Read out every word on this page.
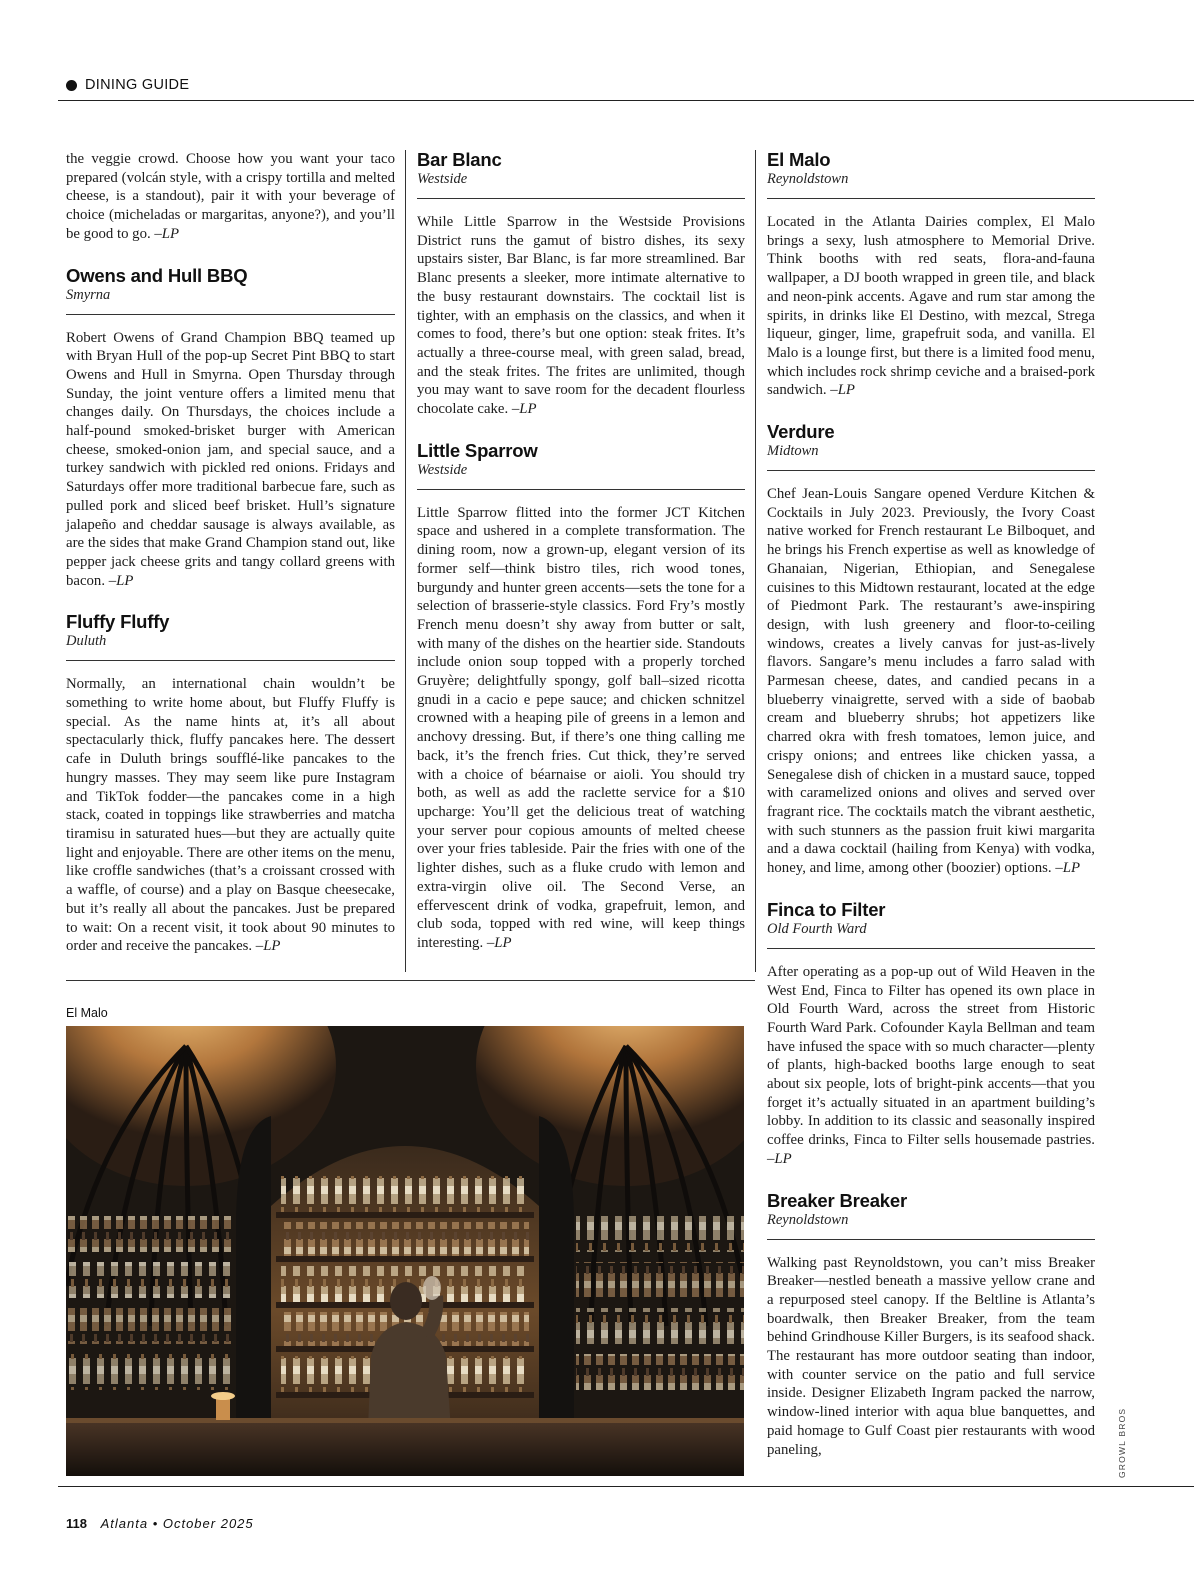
DINING GUIDE

the veggie crowd. Choose how you want your taco prepared (volcán style, with a crispy tortilla and melted cheese, is a standout), pair it with your beverage of choice (micheladas or margaritas, anyone?), and you’ll be good to go. –LP

Owens and Hull BBQ
Smyrna

Robert Owens of Grand Champion BBQ teamed up with Bryan Hull of the pop-up Secret Pint BBQ to start Owens and Hull in Smyrna. Open Thursday through Sunday, the joint venture offers a limited menu that changes daily. On Thursdays, the choices include a half-pound smoked-brisket burger with American cheese, smoked-onion jam, and special sauce, and a turkey sandwich with pickled red onions. Fridays and Saturdays offer more traditional barbecue fare, such as pulled pork and sliced beef brisket. Hull’s signature jalapeño and cheddar sausage is always available, as are the sides that make Grand Champion stand out, like pepper jack cheese grits and tangy collard greens with bacon. –LP

Fluffy Fluffy
Duluth

Normally, an international chain wouldn’t be something to write home about, but Fluffy Fluffy is special. As the name hints at, it’s all about spectacularly thick, fluffy pancakes here. The dessert cafe in Duluth brings soufflé-like pancakes to the hungry masses. They may seem like pure Instagram and TikTok fodder—the pancakes come in a high stack, coated in toppings like strawberries and matcha tiramisu in saturated hues—but they are actually quite light and enjoyable. There are other items on the menu, like croffle sandwiches (that’s a croissant crossed with a waffle, of course) and a play on Basque cheesecake, but it’s really all about the pancakes. Just be prepared to wait: On a recent visit, it took about 90 minutes to order and receive the pancakes. –LP

Bar Blanc
Westside

While Little Sparrow in the Westside Provisions District runs the gamut of bistro dishes, its sexy upstairs sister, Bar Blanc, is far more streamlined. Bar Blanc presents a sleeker, more intimate alternative to the busy restaurant downstairs. The cocktail list is tighter, with an emphasis on the classics, and when it comes to food, there’s but one option: steak frites. It’s actually a three-course meal, with green salad, bread, and the steak frites. The frites are unlimited, though you may want to save room for the decadent flourless chocolate cake. –LP

Little Sparrow
Westside

Little Sparrow flitted into the former JCT Kitchen space and ushered in a complete transformation. The dining room, now a grown-up, elegant version of its former self—think bistro tiles, rich wood tones, burgundy and hunter green accents—sets the tone for a selection of brasserie-style classics. Ford Fry’s mostly French menu doesn’t shy away from butter or salt, with many of the dishes on the heartier side. Standouts include onion soup topped with a properly torched Gruyère; delightfully spongy, golf ball–sized ricotta gnudi in a cacio e pepe sauce; and chicken schnitzel crowned with a heaping pile of greens in a lemon and anchovy dressing. But, if there’s one thing calling me back, it’s the french fries. Cut thick, they’re served with a choice of béarnaise or aioli. You should try both, as well as add the raclette service for a $10 upcharge: You’ll get the delicious treat of watching your server pour copious amounts of melted cheese over your fries tableside. Pair the fries with one of the lighter dishes, such as a fluke crudo with lemon and extra-virgin olive oil. The Second Verse, an effervescent drink of vodka, grapefruit, lemon, and club soda, topped with red wine, will keep things interesting. –LP

El Malo
Reynoldstown

Located in the Atlanta Dairies complex, El Malo brings a sexy, lush atmosphere to Memorial Drive. Think booths with red seats, flora-and-fauna wallpaper, a DJ booth wrapped in green tile, and black and neon-pink accents. Agave and rum star among the spirits, in drinks like El Destino, with mezcal, Strega liqueur, ginger, lime, grapefruit soda, and vanilla. El Malo is a lounge first, but there is a limited food menu, which includes rock shrimp ceviche and a braised-pork sandwich. –LP

Verdure
Midtown

Chef Jean-Louis Sangare opened Verdure Kitchen & Cocktails in July 2023. Previously, the Ivory Coast native worked for French restaurant Le Bilboquet, and he brings his French expertise as well as knowledge of Ghanaian, Nigerian, Ethiopian, and Senegalese cuisines to this Midtown restaurant, located at the edge of Piedmont Park. The restaurant’s awe-inspiring design, with lush greenery and floor-to-ceiling windows, creates a lively canvas for just-as-lively flavors. Sangare’s menu includes a farro salad with Parmesan cheese, dates, and candied pecans in a blueberry vinaigrette, served with a side of baobab cream and blueberry shrubs; hot appetizers like charred okra with fresh tomatoes, lemon juice, and crispy onions; and entrees like chicken yassa, a Senegalese dish of chicken in a mustard sauce, topped with caramelized onions and olives and served over fragrant rice. The cocktails match the vibrant aesthetic, with such stunners as the passion fruit kiwi margarita and a dawa cocktail (hailing from Kenya) with vodka, honey, and lime, among other (boozier) options. –LP

Finca to Filter
Old Fourth Ward

After operating as a pop-up out of Wild Heaven in the West End, Finca to Filter has opened its own place in Old Fourth Ward, across the street from Historic Fourth Ward Park. Cofounder Kayla Bellman and team have infused the space with so much character—plenty of plants, high-backed booths large enough to seat about six people, lots of bright-pink accents—that you forget it’s actually situated in an apartment building’s lobby. In addition to its classic and seasonally inspired coffee drinks, Finca to Filter sells housemade pastries. –LP

Breaker Breaker
Reynoldstown

Walking past Reynoldstown, you can’t miss Breaker Breaker—nestled beneath a massive yellow crane and a repurposed steel canopy. If the Beltline is Atlanta’s boardwalk, then Breaker Breaker, from the team behind Grindhouse Killer Burgers, is its seafood shack. The restaurant has more outdoor seating than indoor, with counter service on the patio and full service inside. Designer Elizabeth Ingram packed the narrow, window-lined interior with aqua blue banquettes, and paid homage to Gulf Coast pier restaurants with wood paneling,

El Malo
GROWL BROS
118 Atlanta • October 2025
